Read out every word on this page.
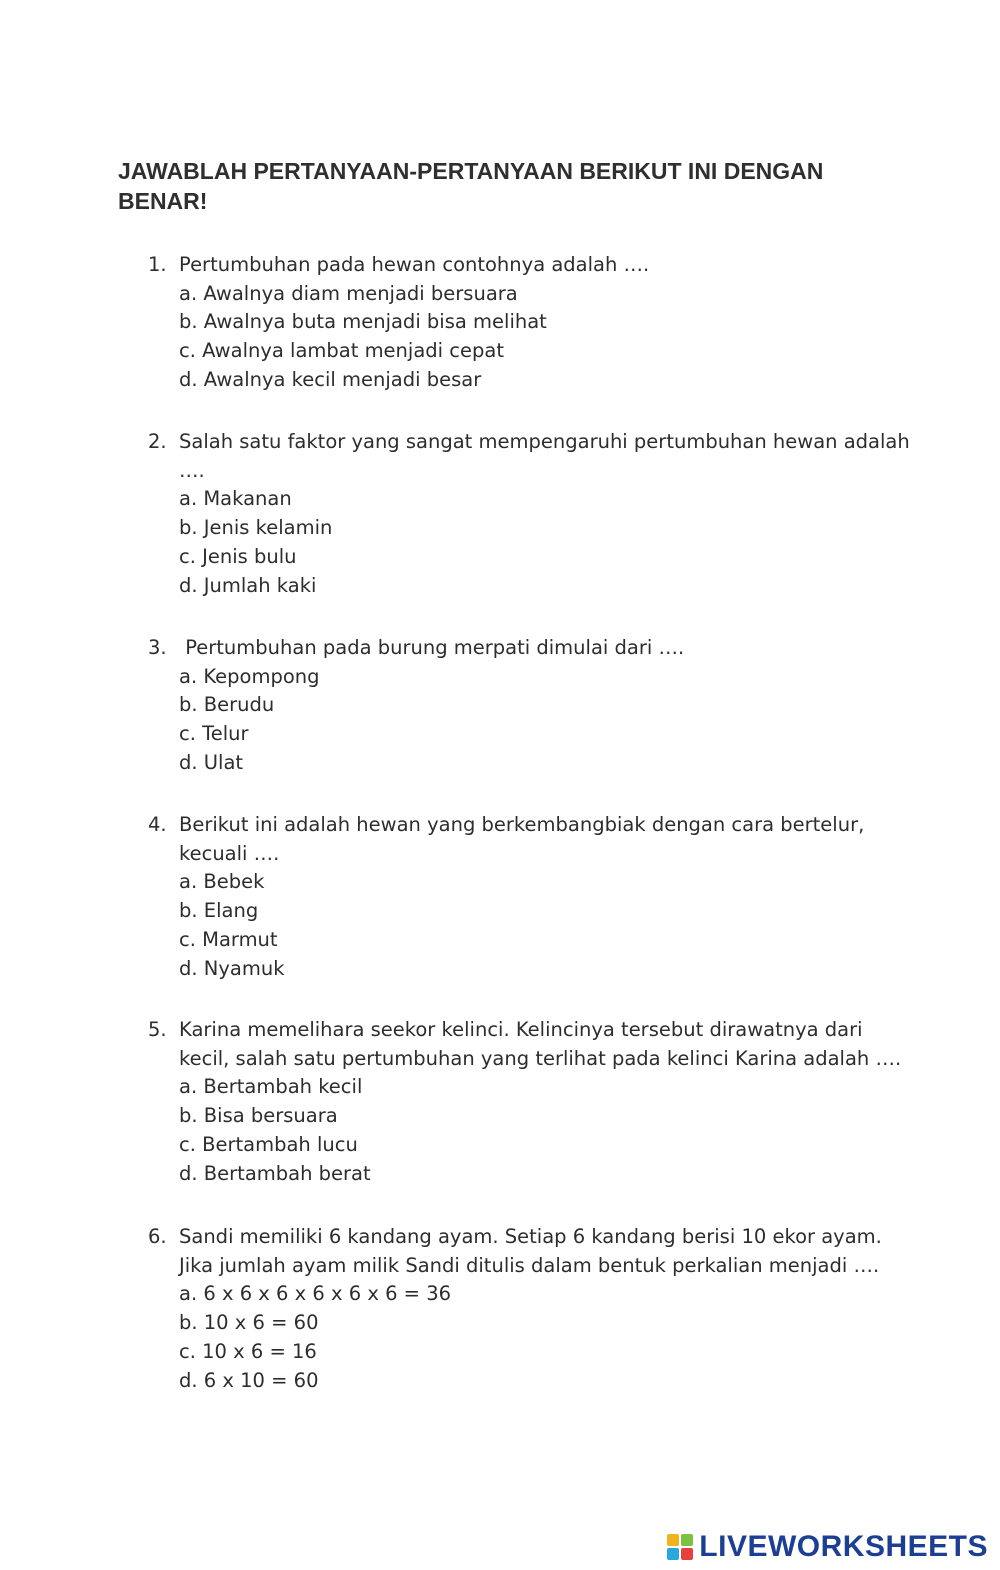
JAWABLAH PERTANYAAN-PERTANYAAN BERIKUT INI DENGAN BENAR!
1. Pertumbuhan pada hewan contohnya adalah ….
a. Awalnya diam menjadi bersuara
b. Awalnya buta menjadi bisa melihat
c. Awalnya lambat menjadi cepat
d. Awalnya kecil menjadi besar
2. Salah satu faktor yang sangat mempengaruhi pertumbuhan hewan adalah ….
a. Makanan
b. Jenis kelamin
c. Jenis bulu
d. Jumlah kaki
3. Pertumbuhan pada burung merpati dimulai dari ….
a. Kepompong
b. Berudu
c. Telur
d. Ulat
4. Berikut ini adalah hewan yang berkembangbiak dengan cara bertelur, kecuali ….
a. Bebek
b. Elang
c. Marmut
d. Nyamuk
5. Karina memelihara seekor kelinci. Kelincinya tersebut dirawatnya dari kecil, salah satu pertumbuhan yang terlihat pada kelinci Karina adalah ….
a. Bertambah kecil
b. Bisa bersuara
c. Bertambah lucu
d. Bertambah berat
6. Sandi memiliki 6 kandang ayam. Setiap 6 kandang berisi 10 ekor ayam.  Jika jumlah ayam milik Sandi ditulis dalam bentuk perkalian menjadi ….
a. 6 x 6 x 6 x 6 x 6 x 6 = 36
b. 10 x 6 = 60
c. 10 x 6 = 16
d. 6 x 10 = 60
LIVEWORKSHEETS
